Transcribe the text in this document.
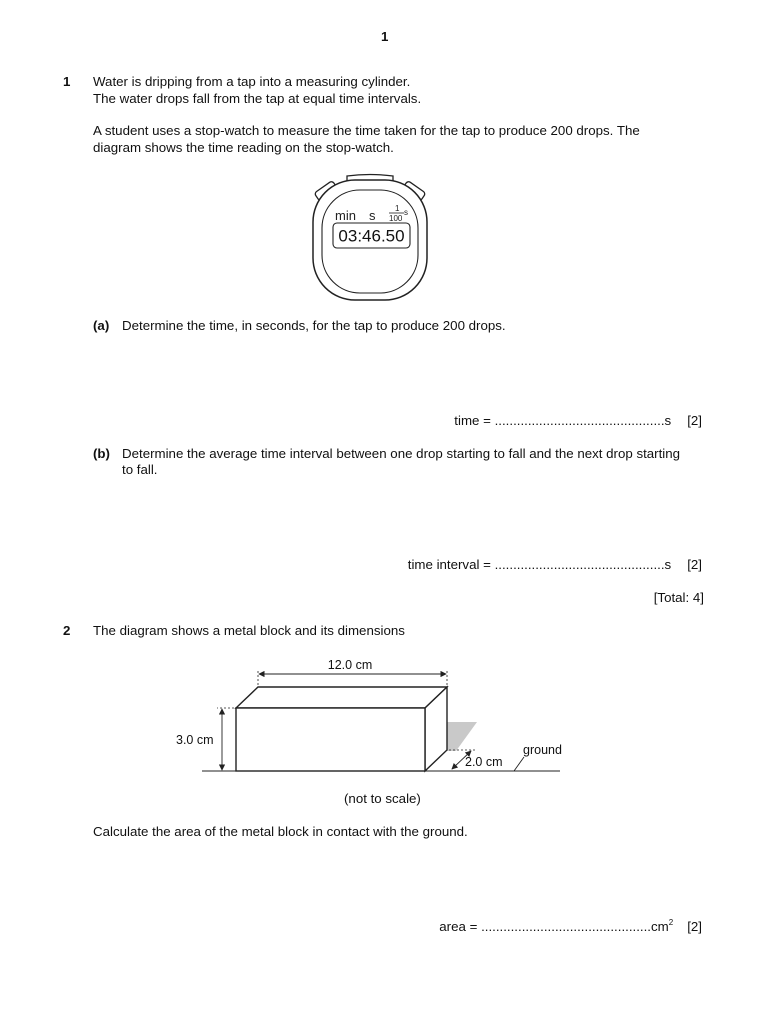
1
1 Water is dripping from a tap into a measuring cylinder.
The water drops fall from the tap at equal time intervals.
A student uses a stop-watch to measure the time taken for the tap to produce 200 drops. The
diagram shows the time reading on the stop-watch.
min s 1
100
s
03:46.50
(a) Determine the time, in seconds, for the tap to produce 200 drops.
time = ..............................................s [2]
(b) Determine the average time interval between one drop starting to fall and the next drop starting
to fall.
time interval = ..............................................s [2]
[Total: 4]
2 The diagram shows a metal block and its dimensions
12.0 cm
3.0 cm
2.0 cm
ground
(not to scale)
Calculate the area of the metal block in contact with the ground.
area = $..............................................cm^2$ [2]
